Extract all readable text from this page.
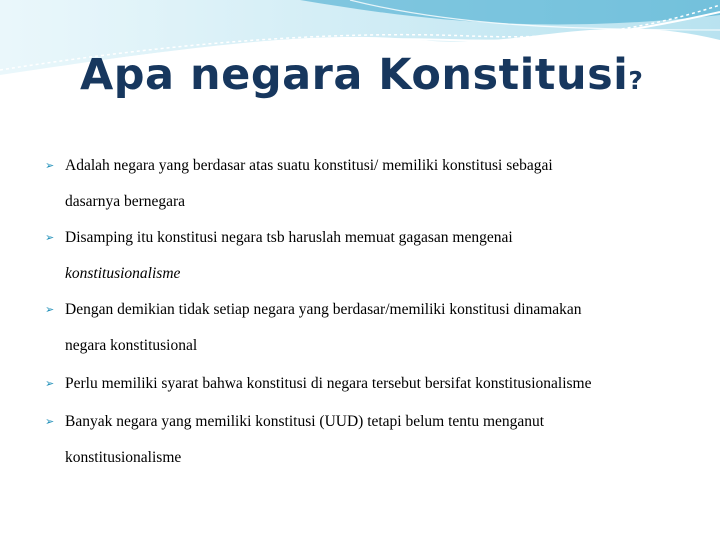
Apa negara Konstitusi?
➢ Adalah negara yang berdasar atas suatu konstitusi/ memiliki konstitusi sebagai
dasarnya bernegara
➢ Disamping itu konstitusi negara tsb haruslah memuat gagasan mengenai
konstitusionalisme
➢ Dengan demikian tidak setiap negara yang berdasar/memiliki konstitusi dinamakan
negara konstitusional
➢ Perlu memiliki syarat bahwa konstitusi di negara tersebut bersifat konstitusionalisme
➢ Banyak negara yang memiliki konstitusi (UUD) tetapi belum tentu menganut
konstitusionalisme
